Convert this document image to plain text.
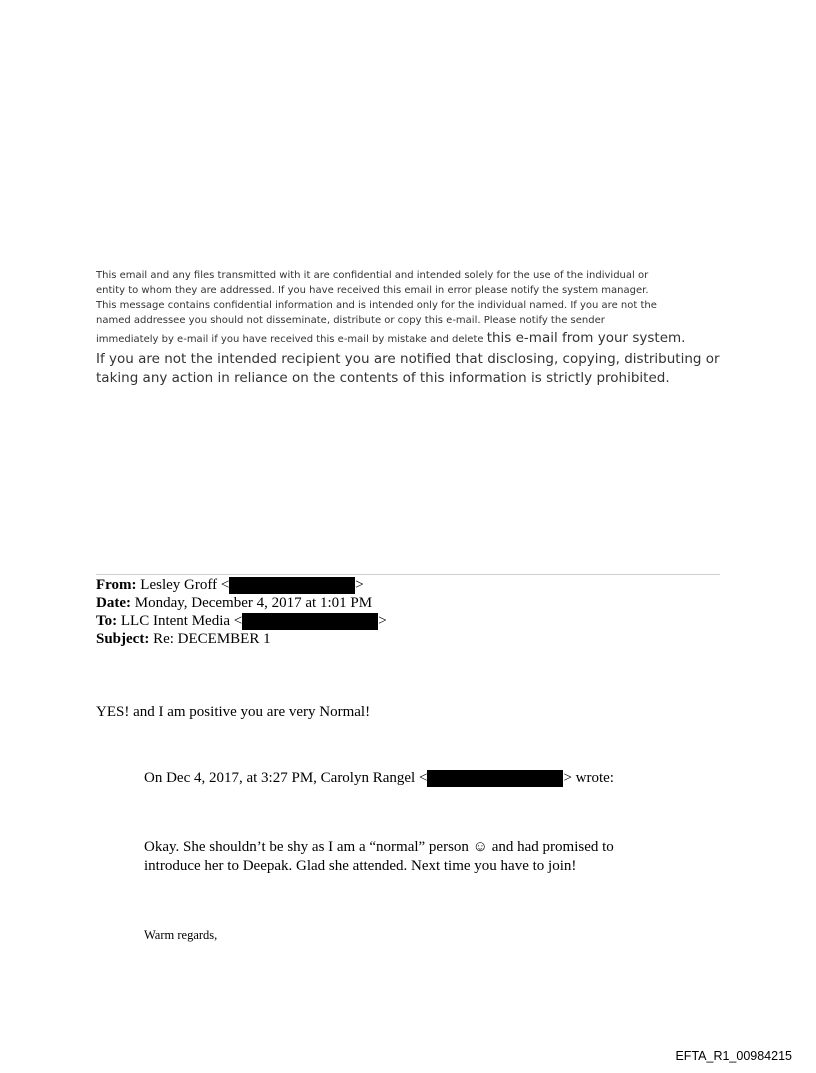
This email and any files transmitted with it are confidential and intended solely for the use of the individual or
entity to whom they are addressed. If you have received this email in error please notify the system manager.
This message contains confidential information and is intended only for the individual named. If you are not the
named addressee you should not disseminate, distribute or copy this e-mail. Please notify the sender
immediately by e-mail if you have received this e-mail by mistake and delete this e-mail from your system.
If you are not the intended recipient you are notified that disclosing, copying, distributing or
taking any action in reliance on the contents of this information is strictly prohibited.
From:
Lesley Groff <	>
Date:
Monday, December 4, 2017 at 1:01 PM
To:
LLC Intent Media <	>
Subject:
Re: DECEMBER 1
YES! and I am positive you are very Normal!
On Dec 4, 2017, at 3:27 PM, Carolyn Rangel <	> wrote:
Okay. She shouldn’t be shy as I am a “normal” person ☺ and had promised to
introduce her to Deepak. Glad she attended. Next time you have to join!
Warm regards,
EFTA_R1_00984215
